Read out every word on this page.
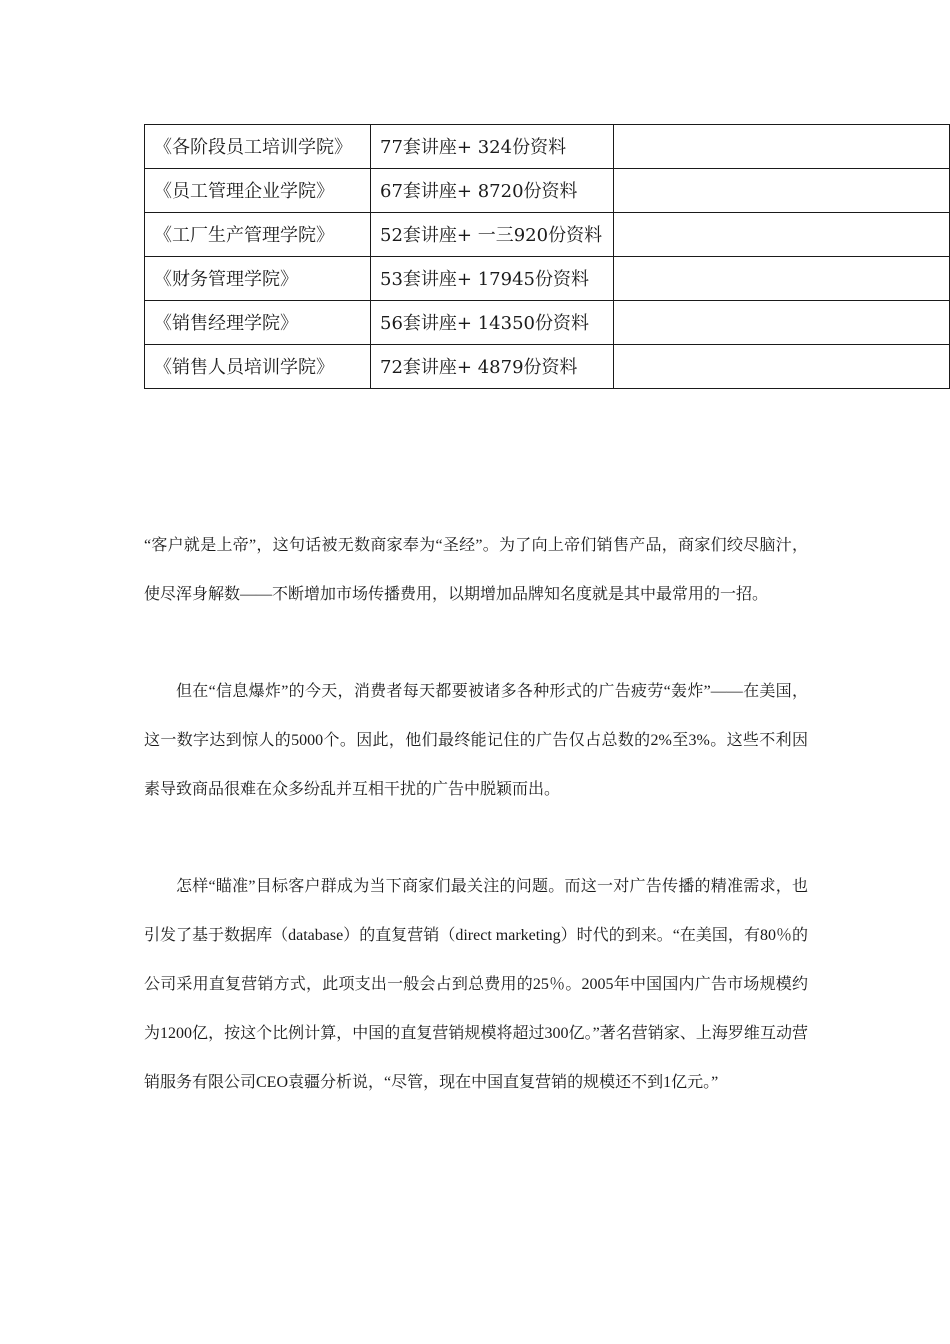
《各阶段员工培训学院》	77套讲座+ 324份资料	
《员工管理企业学院》	67套讲座+ 8720份资料	
《工厂生产管理学院》	52套讲座+ 一三920份资料	
《财务管理学院》	53套讲座+ 17945份资料	
《销售经理学院》	56套讲座+ 14350份资料	
《销售人员培训学院》	72套讲座+ 4879份资料	

“客户就是上帝”，这句话被无数商家奉为“圣经”。为了向上帝们销售产品，商家们绞尽脑汁，使尽浑身解数——不断增加市场传播费用，以期增加品牌知名度就是其中最常用的一招。

但在“信息爆炸”的今天，消费者每天都要被诸多各种形式的广告疲劳“轰炸”——在美国，这一数字达到惊人的5000个。因此，他们最终能记住的广告仅占总数的2%至3%。这些不利因素导致商品很难在众多纷乱并互相干扰的广告中脱颖而出。

怎样“瞄准”目标客户群成为当下商家们最关注的问题。而这一对广告传播的精准需求，也引发了基于数据库（database）的直复营销（direct marketing）时代的到来。“在美国，有80％的公司采用直复营销方式，此项支出一般会占到总费用的25％。2005年中国国内广告市场规模约为1200亿，按这个比例计算，中国的直复营销规模将超过300亿。”著名营销家、上海罗维互动营销服务有限公司CEO袁疆分析说，“尽管，现在中国直复营销的规模还不到1亿元。”
